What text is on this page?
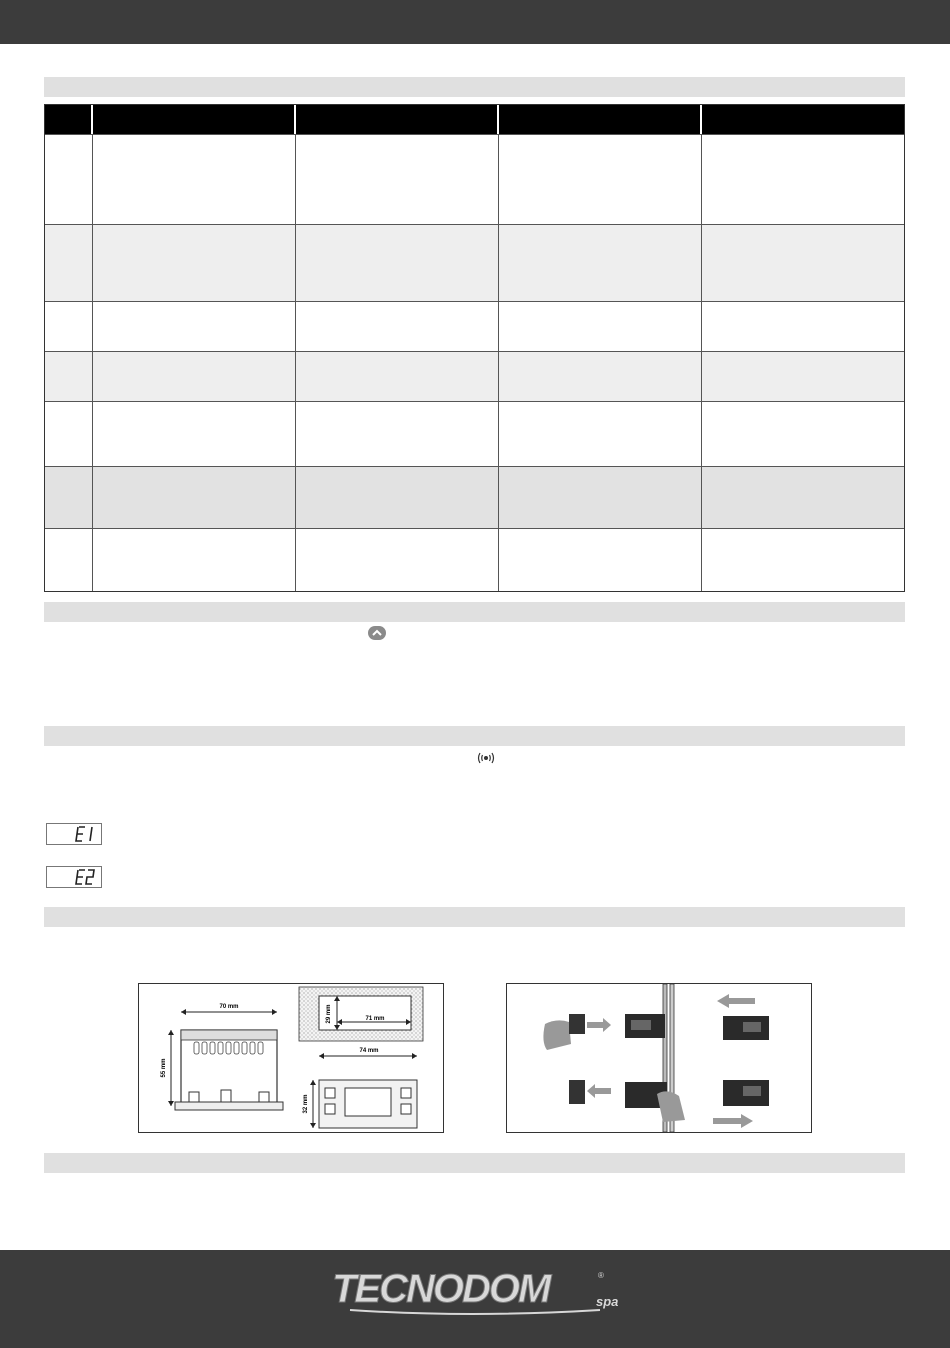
70 mm
55 mm
29 mm	71 mm
74 mm
32 mm
TECNODOM	®
spa
